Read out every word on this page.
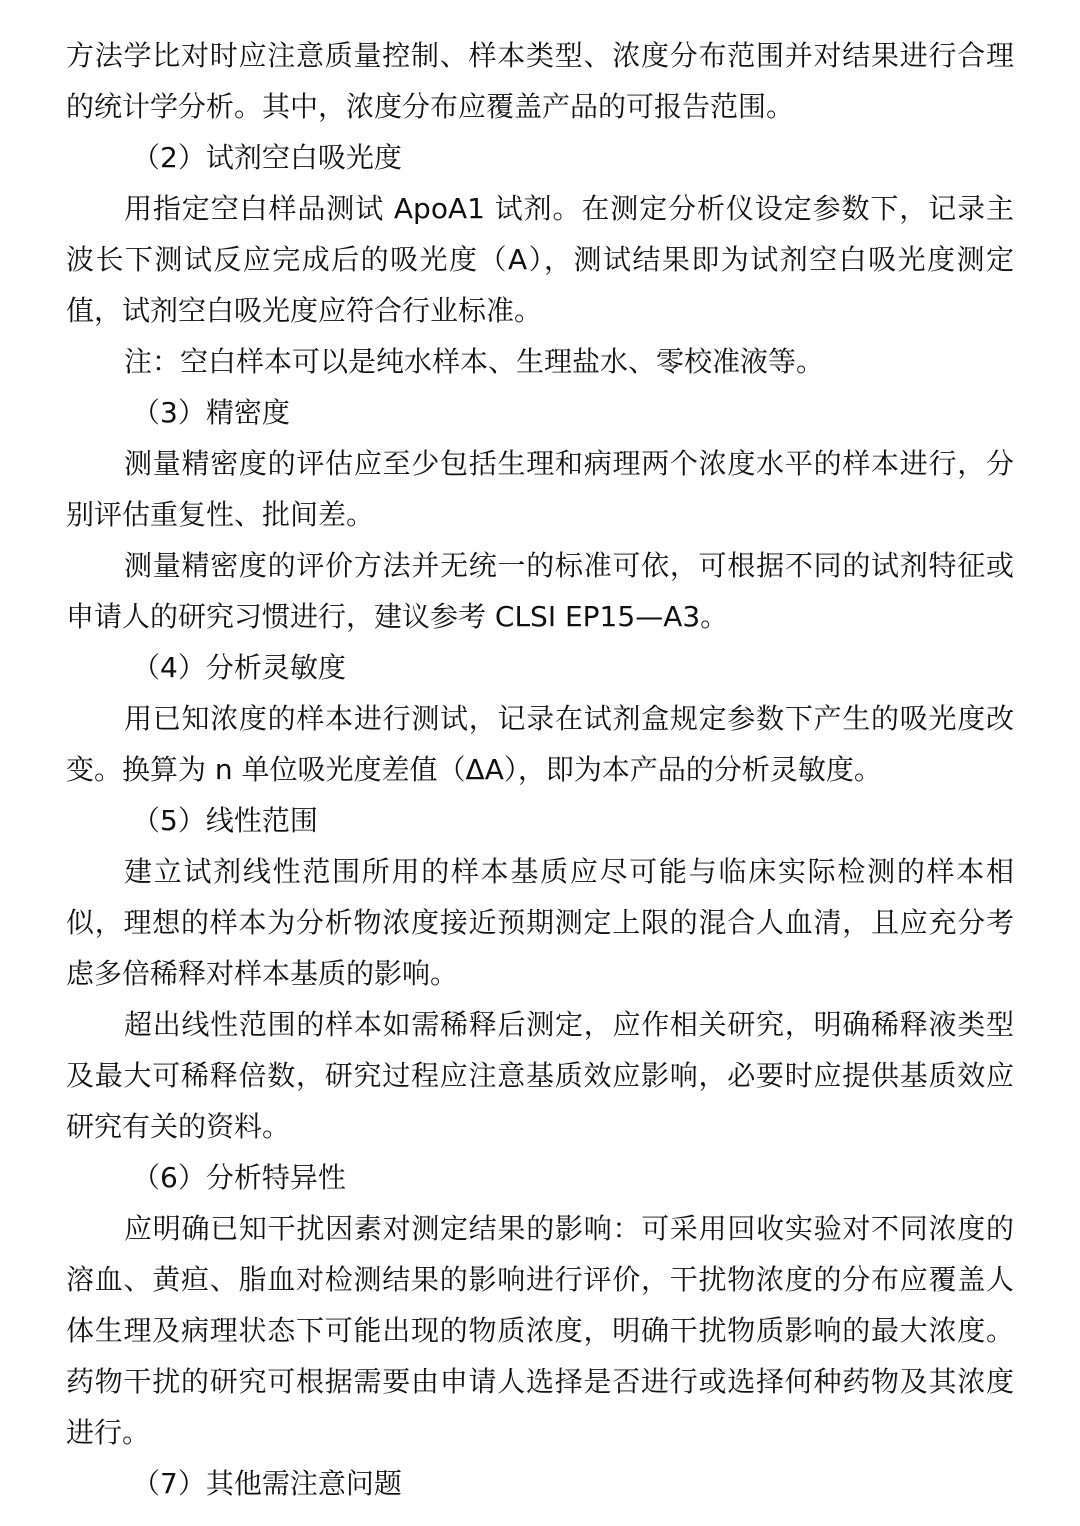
方法学比对时应注意质量控制、样本类型、浓度分布范围并对结果进行合理的统计学分析。其中，浓度分布应覆盖产品的可报告范围。

（2）试剂空白吸光度

用指定空白样品测试 ApoA1 试剂。在测定分析仪设定参数下，记录主波长下测试反应完成后的吸光度（A），测试结果即为试剂空白吸光度测定值，试剂空白吸光度应符合行业标准。

注：空白样本可以是纯水样本、生理盐水、零校准液等。

（3）精密度

测量精密度的评估应至少包括生理和病理两个浓度水平的样本进行，分别评估重复性、批间差。

测量精密度的评价方法并无统一的标准可依，可根据不同的试剂特征或申请人的研究习惯进行，建议参考 CLSI EP15—A3。

（4）分析灵敏度

用已知浓度的样本进行测试，记录在试剂盒规定参数下产生的吸光度改变。换算为 n 单位吸光度差值（ΔA），即为本产品的分析灵敏度。

（5）线性范围

建立试剂线性范围所用的样本基质应尽可能与临床实际检测的样本相似，理想的样本为分析物浓度接近预期测定上限的混合人血清，且应充分考虑多倍稀释对样本基质的影响。

超出线性范围的样本如需稀释后测定，应作相关研究，明确稀释液类型及最大可稀释倍数，研究过程应注意基质效应影响，必要时应提供基质效应研究有关的资料。

（6）分析特异性

应明确已知干扰因素对测定结果的影响：可采用回收实验对不同浓度的溶血、黄疸、脂血对检测结果的影响进行评价，干扰物浓度的分布应覆盖人体生理及病理状态下可能出现的物质浓度，明确干扰物质影响的最大浓度。药物干扰的研究可根据需要由申请人选择是否进行或选择何种药物及其浓度进行。

（7）其他需注意问题
